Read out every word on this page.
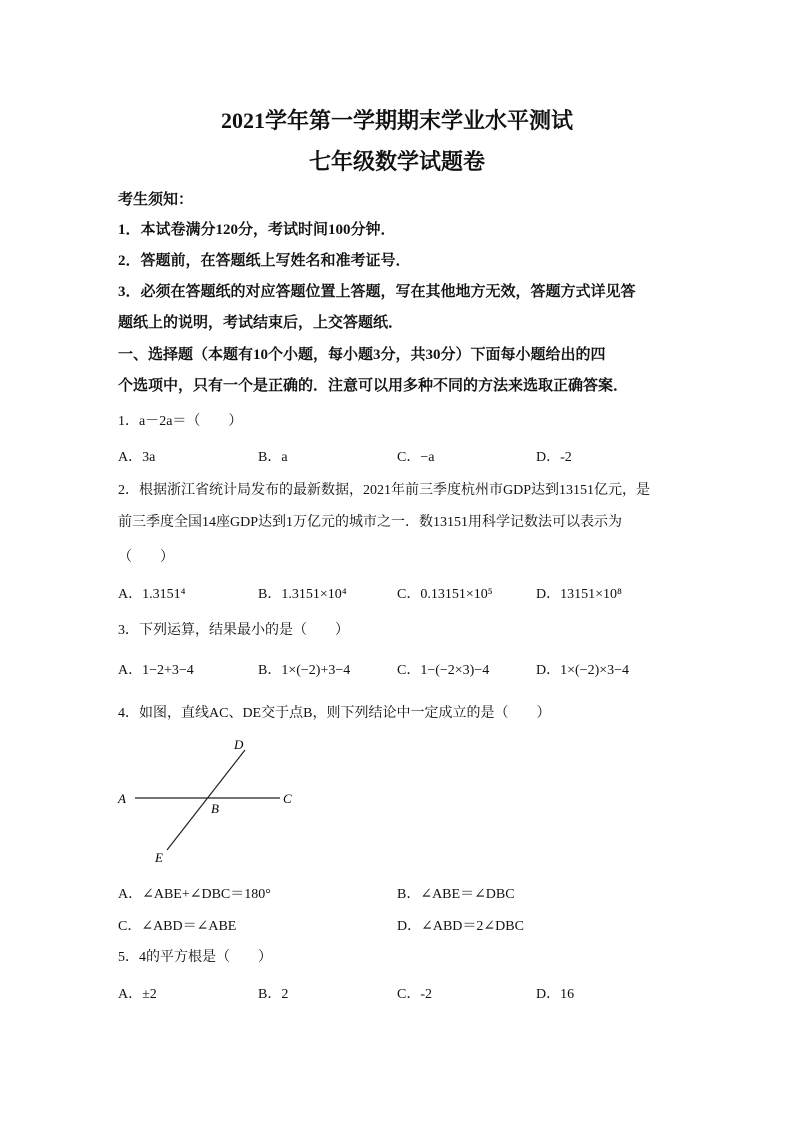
2021学年第一学期期末学业水平测试
七年级数学试题卷
考生须知：
1．本试卷满分120分，考试时间100分钟．
2．答题前，在答题纸上写姓名和准考证号．
3．必须在答题纸的对应答题位置上答题，写在其他地方无效，答题方式详见答
题纸上的说明，考试结束后，上交答题纸．
一、选择题（本题有10个小题，每小题3分，共30分）下面每小题给出的四
个选项中，只有一个是正确的．注意可以用多种不同的方法来选取正确答案．
1．a－2a＝（　　）
A．3a	B．a	C．−a	D．-2
2．根据浙江省统计局发布的最新数据，2021年前三季度杭州市GDP达到13151亿元，是
前三季度全国14座GDP达到1万亿元的城市之一．数13151用科学记数法可以表示为
（　　）
A．1.3151⁴	B．1.3151×10⁴	C．0.13151×10⁵	D．13151×10⁸
3．下列运算，结果最小的是（　　）
A．1−2+3−4	B．1×(−2)+3−4	C．1−(−2×3)−4	D．1×(−2)×3−4
4．如图，直线AC、DE交于点B，则下列结论中一定成立的是（　　）
D
A	C
B
E
A．∠ABE+∠DBC＝180°	B．∠ABE＝∠DBC
C．∠ABD＝∠ABE	D．∠ABD＝2∠DBC
5．4的平方根是（　　）
A．±2	B．2	C．-2	D．16
